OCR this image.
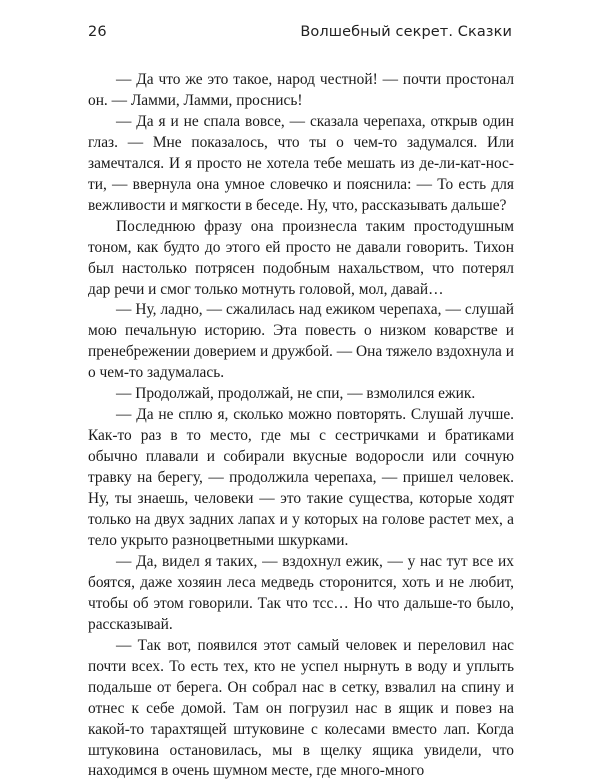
26	Волшебный секрет. Сказки

— Да что же это такое, народ честной! — почти простонал он. — Ламми, Ламми, проснись!

— Да я и не спала вовсе, — сказала черепаха, открыв один глаз. — Мне показалось, что ты о чем-то задумался. Или замечтался. И я просто не хотела тебе мешать из де-ли-кат-нос-ти, — ввернула она умное словечко и пояснила: — То есть для вежливости и мягкости в беседе. Ну, что, рассказывать дальше?

Последнюю фразу она произнесла таким простодушным тоном, как будто до этого ей просто не давали говорить. Тихон был настолько потрясен подобным нахальством, что потерял дар речи и смог только мотнуть головой, мол, давай…

— Ну, ладно, — сжалилась над ежиком черепаха, — слушай мою печальную историю. Эта повесть о низком коварстве и пренебрежении доверием и дружбой. — Она тяжело вздохнула и о чем-то задумалась.

— Продолжай, продолжай, не спи, — взмолился ежик.

— Да не сплю я, сколько можно повторять. Слушай лучше. Как-то раз в то место, где мы с сестричками и братиками обычно плавали и собирали вкусные водоросли или сочную травку на берегу, — продолжила черепаха, — пришел человек. Ну, ты знаешь, человеки — это такие существа, которые ходят только на двух задних лапах и у которых на голове растет мех, а тело укрыто разноцветными шкурками.

— Да, видел я таких, — вздохнул ежик, — у нас тут все их боятся, даже хозяин леса медведь сторонится, хоть и не любит, чтобы об этом говорили. Так что тсс… Но что дальше-то было, рассказывай.

— Так вот, появился этот самый человек и переловил нас почти всех. То есть тех, кто не успел нырнуть в воду и уплыть подальше от берега. Он собрал нас в сетку, взвалил на спину и отнес к себе домой. Там он погрузил нас в ящик и повез на какой-то тарахтящей штуковине с колесами вместо лап. Когда штуковина остановилась, мы в щелку ящика увидели, что находимся в очень шумном месте, где много-много
